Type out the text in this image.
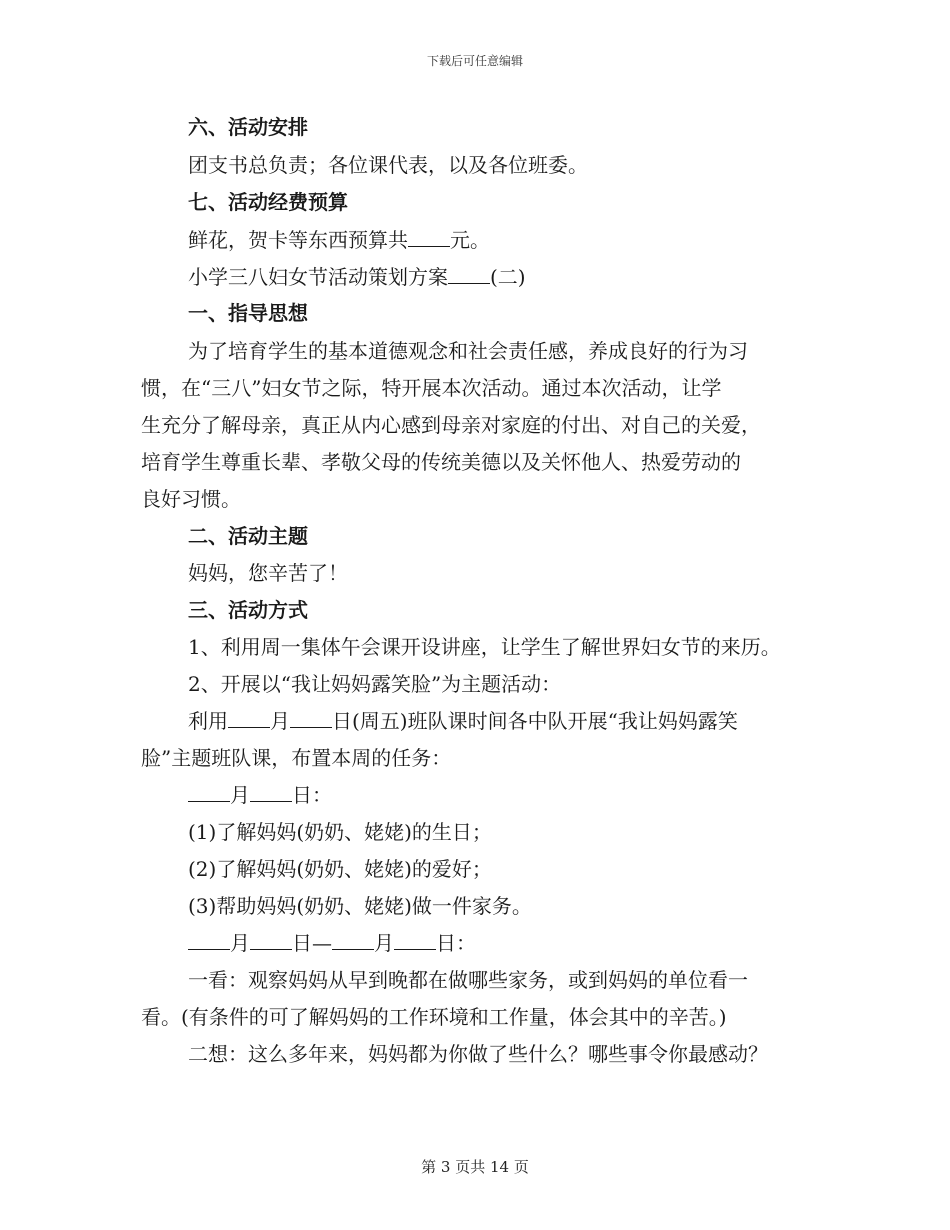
下载后可任意编辑
六、活动安排
团支书总负责；各位课代表，以及各位班委。
七、活动经费预算
鲜花，贺卡等东西预算共 元。
小学三八妇女节活动策划方案 (二)
一、指导思想
为了培育学生的基本道德观念和社会责任感，养成良好的行为习
惯，在“三八”妇女节之际，特开展本次活动。通过本次活动，让学
生充分了解母亲，真正从内心感到母亲对家庭的付出、对自己的关爱，
培育学生尊重长辈、孝敬父母的传统美德以及关怀他人、热爱劳动的
良好习惯。
二、活动主题
妈妈，您辛苦了！
三、活动方式
1、利用周一集体午会课开设讲座，让学生了解世界妇女节的来历。
2、开展以“我让妈妈露笑脸”为主题活动：
利用 月 日(周五)班队课时间各中队开展“我让妈妈露笑
脸”主题班队课，布置本周的任务：
月 日：
(1)了解妈妈(奶奶、姥姥)的生日；
(2)了解妈妈(奶奶、姥姥)的爱好；
(3)帮助妈妈(奶奶、姥姥)做一件家务。
月 日— 月 日：
一看：观察妈妈从早到晚都在做哪些家务，或到妈妈的单位看一
看。(有条件的可了解妈妈的工作环境和工作量，体会其中的辛苦。)
二想：这么多年来，妈妈都为你做了些什么？哪些事令你最感动？
第 3 页共 14 页
